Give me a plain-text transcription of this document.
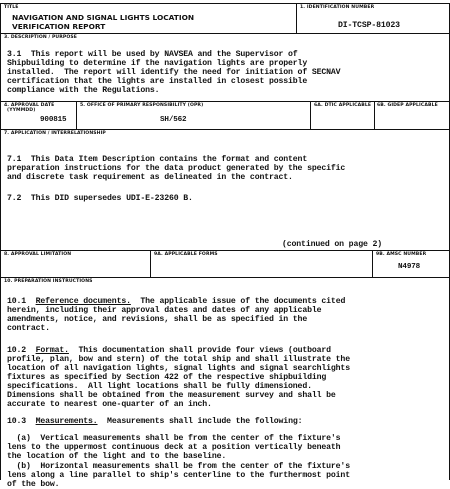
TITLE
NAVIGATION AND SIGNAL LIGHTS LOCATION
VERIFICATION REPORT
1. IDENTIFICATION NUMBER
DI-TCSP-81023
3. DESCRIPTION / PURPOSE
3.1  This report will be used by NAVSEA and the Supervisor of
Shipbuilding to determine if the navigation lights are properly
installed.  The report will identify the need for initiation of SECNAV
certification that the lights are installed in closest possible
compliance with the Regulations.
4. APPROVAL DATE
(YYMMDD)
900815
5. OFFICE OF PRIMARY RESPONSIBILITY (OPR)
SH/562
6A. DTIC APPLICABLE 6B. GIDEP APPLICABLE
7. APPLICATION / INTERRELATIONSHIP
7.1  This Data Item Description contains the format and content
preparation instructions for the data product generated by the specific
and discrete task requirement as delineated in the contract.
7.2  This DID supersedes UDI-E-23260 B.
(continued on page 2)
8. APPROVAL LIMITATION	9A. APPLICABLE FORMS	9B. AMSC NUMBER
N4978
10. PREPARATION INSTRUCTIONS
10.1  Reference documents.  The applicable issue of the documents cited
herein, including their approval dates and dates of any applicable
amendments, notice, and revisions, shall be as specified in the
contract.
10.2  Format.  This documentation shall provide four views (outboard
profile, plan, bow and stern) of the total ship and shall illustrate the
location of all navigation lights, signal lights and signal searchlights
fixtures as specified by Section 422 of the respective shipbuilding
specifications.  All light locations shall be fully dimensioned.
Dimensions shall be obtained from the measurement survey and shall be
accurate to nearest one-quarter of an inch.
10.3  Measurements.  Measurements shall include the following:
(a)  Vertical measurements shall be from the center of the fixture's
lens to the uppermost continuous deck at a position vertically beneath
the location of the light and to the baseline.
(b)  Horizontal measurements shall be from the center of the fixture's
lens along a line parallel to ship's centerline to the furthermost point
of the bow.
